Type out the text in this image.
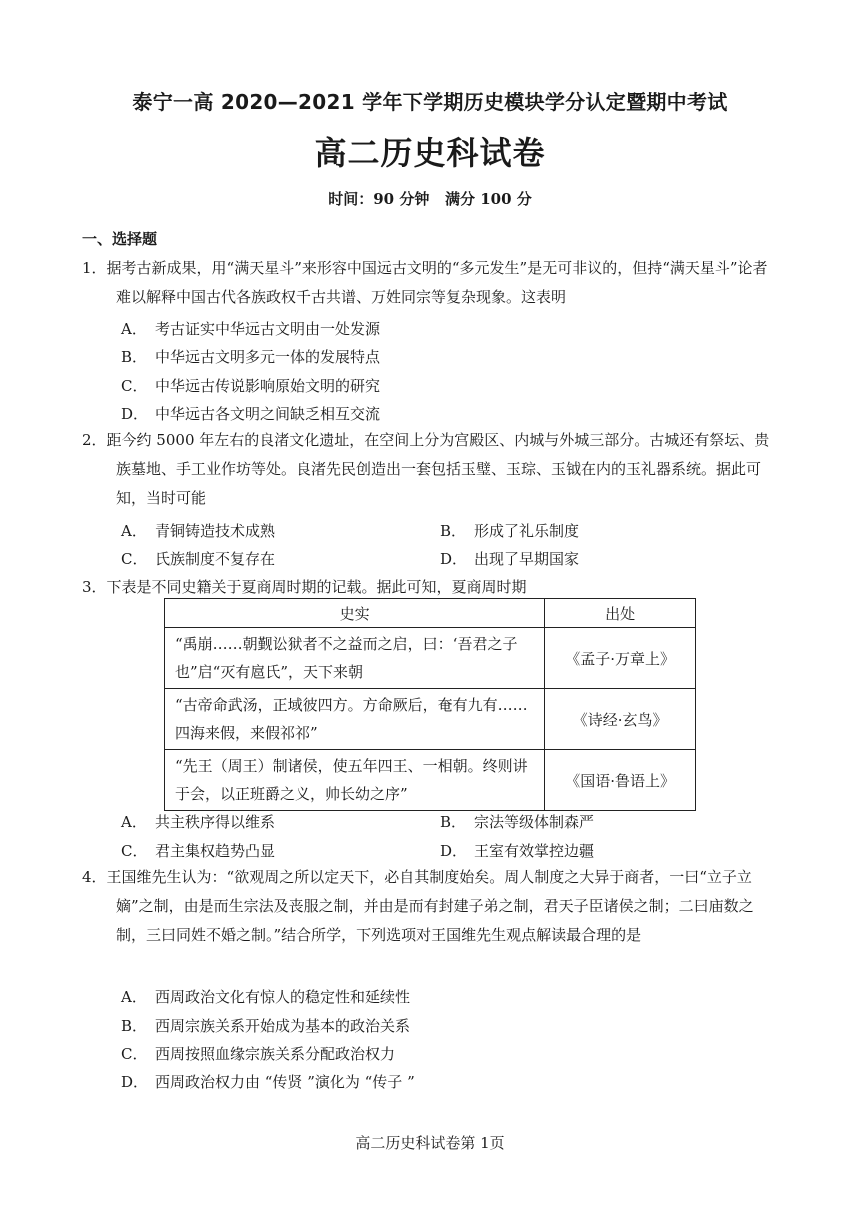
泰宁一高 2020—2021 学年下学期历史模块学分认定暨期中考试
高二历史科试卷
时间：90 分钟   满分 100 分
一、选择题
1．据考古新成果，用“满天星斗”来形容中国远古文明的“多元发生”是无可非议的，但持“满天星斗”论者难以解释中国古代各族政权千古共谱、万姓同宗等复杂现象。这表明
A． 考古证实中华远古文明由一处发源
B． 中华远古文明多元一体的发展特点
C． 中华远古传说影响原始文明的研究
D． 中华远古各文明之间缺乏相互交流
2．距今约 5000 年左右的良渚文化遗址，在空间上分为宫殿区、内城与外城三部分。古城还有祭坛、贵族墓地、手工业作坊等处。良渚先民创造出一套包括玉璧、玉琮、玉钺在内的玉礼器系统。据此可知，当时可能
A． 青铜铸造技术成熟	B． 形成了礼乐制度
C． 氏族制度不复存在	D． 出现了早期国家
3．下表是不同史籍关于夏商周时期的记载。据此可知，夏商周时期
史实	出处
“禹崩……朝觐讼狱者不之益而之启，曰：‘吾君之子也”启“灭有扈氏”，天下来朝	《孟子·万章上》
“古帝命武汤，正域彼四方。方命厥后，奄有九有……四海来假，来假祁祁”	《诗经·玄鸟》
“先王（周王）制诸侯，使五年四王、一相朝。终则讲于会，以正班爵之义，帅长幼之序”	《国语·鲁语上》
A． 共主秩序得以维系	B． 宗法等级体制森严
C． 君主集权趋势凸显	D． 王室有效掌控边疆
4．王国维先生认为：“欲观周之所以定天下，必自其制度始矣。周人制度之大异于商者，一曰“立子立嫡”之制，由是而生宗法及丧服之制，并由是而有封建子弟之制，君天子臣诸侯之制；二曰庙数之制，三曰同姓不婚之制。”结合所学，下列选项对王国维先生观点解读最合理的是
A． 西周政治文化有惊人的稳定性和延续性
B． 西周宗族关系开始成为基本的政治关系
C． 西周按照血缘宗族关系分配政治权力
D． 西周政治权力由 “传贤 ”演化为 “传子 ”
高二历史科试卷第 1页
